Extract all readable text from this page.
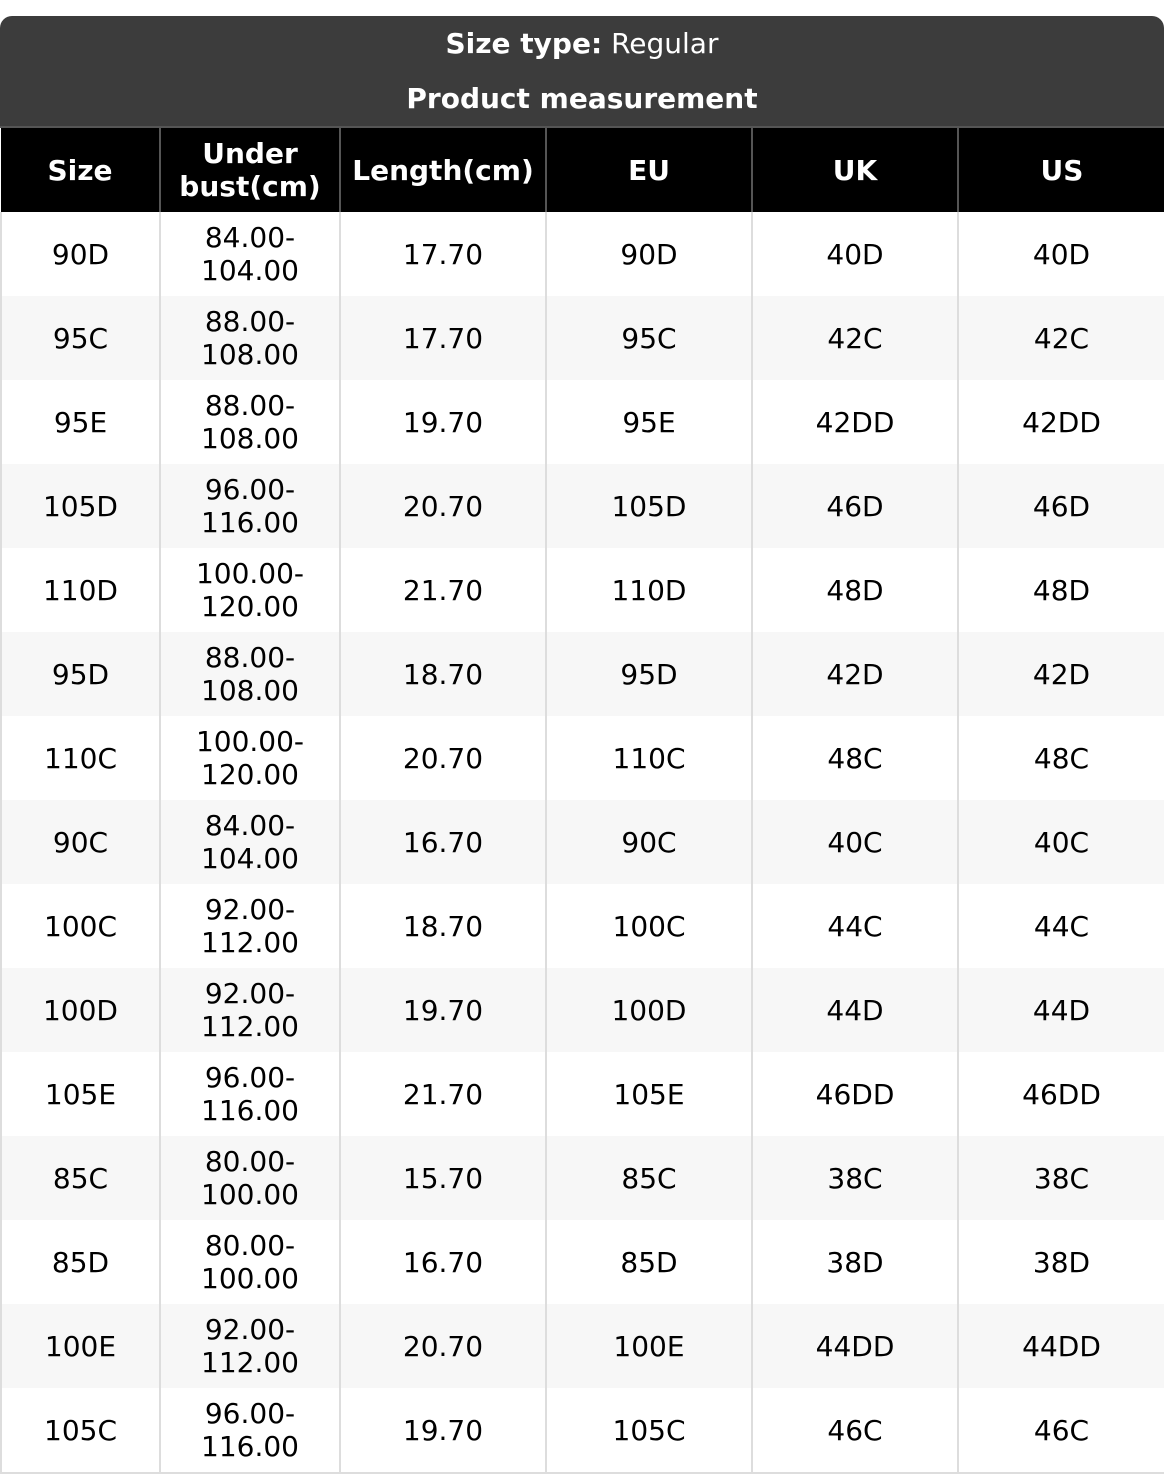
Size type: Regular
Product measurement
Size	Under bust(cm)	Length(cm)	EU	UK	US
90D	84.00-104.00	17.70	90D	40D	40D
95C	88.00-108.00	17.70	95C	42C	42C
95E	88.00-108.00	19.70	95E	42DD	42DD
105D	96.00-116.00	20.70	105D	46D	46D
110D	100.00-120.00	21.70	110D	48D	48D
95D	88.00-108.00	18.70	95D	42D	42D
110C	100.00-120.00	20.70	110C	48C	48C
90C	84.00-104.00	16.70	90C	40C	40C
100C	92.00-112.00	18.70	100C	44C	44C
100D	92.00-112.00	19.70	100D	44D	44D
105E	96.00-116.00	21.70	105E	46DD	46DD
85C	80.00-100.00	15.70	85C	38C	38C
85D	80.00-100.00	16.70	85D	38D	38D
100E	92.00-112.00	20.70	100E	44DD	44DD
105C	96.00-116.00	19.70	105C	46C	46C
